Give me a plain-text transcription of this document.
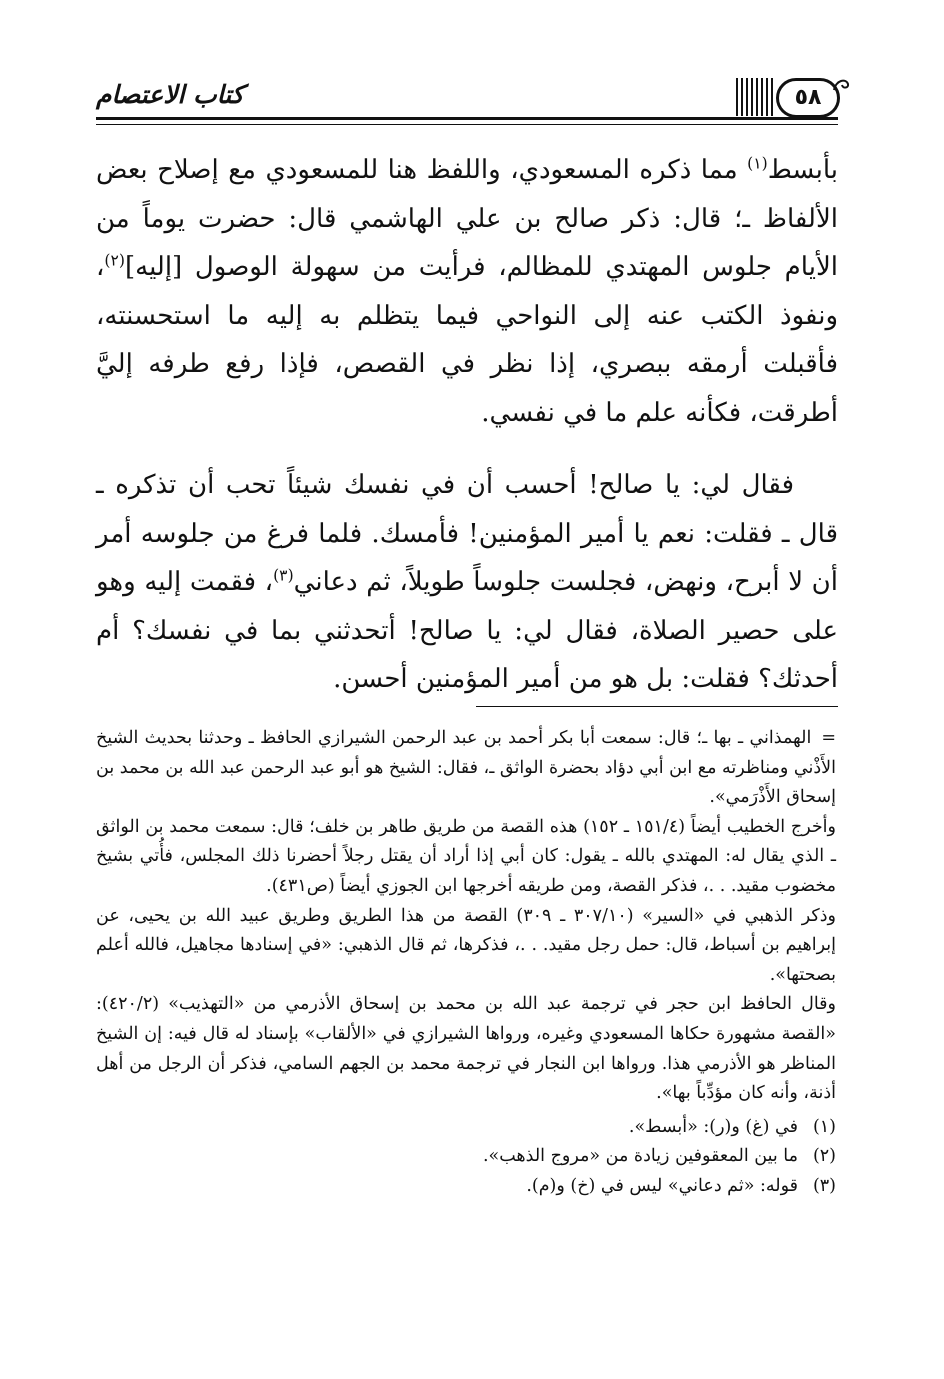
كتاب الاعتصام	٥٨

بأبسط$^{(١)}$ مما ذكره المسعودي، واللفظ هنا للمسعودي مع إصلاح بعض الألفاظ ـ؛ قال: ذكر صالح بن علي الهاشمي قال: حضرت يوماً من الأيام جلوس المهتدي للمظالم، فرأيت من سهولة الوصول [إليه]$^{(٢)}$، ونفوذ الكتب عنه إلى النواحي فيما يتظلم به إليه ما استحسنته، فأقبلت أرمقه ببصري، إذا نظر في القصص، فإذا رفع طرفه إليَّ أطرقت، فكأنه علم ما في نفسي.

فقال لي: يا صالح! أحسب أن في نفسك شيئاً تحب أن تذكره ـ قال ـ فقلت: نعم يا أمير المؤمنين! فأمسك. فلما فرغ من جلوسه أمر أن لا أبرح، ونهض، فجلست جلوساً طويلاً، ثم دعاني$^{(٣)}$، فقمت إليه وهو على حصير الصلاة، فقال لي: يا صالح! أتحدثني بما في نفسك؟ أم أحدثك؟ فقلت: بل هو من أمير المؤمنين أحسن.

=الهمذاني ـ بها ـ؛ قال: سمعت أبا بكر أحمد بن عبد الرحمن الشيرازي الحافظ ـ وحدثنا بحديث الشيخ الأَذْني ومناظرته مع ابن أبي دؤاد بحضرة الواثق ـ، فقال: الشيخ هو أبو عبد الرحمن عبد الله بن محمد بن إسحاق الأَذْرَمي».

وأخرج الخطيب أيضاً (١٥١/٤ ـ ١٥٢) هذه القصة من طريق طاهر بن خلف؛ قال: سمعت محمد بن الواثق ـ الذي يقال له: المهتدي بالله ـ يقول: كان أبي إذا أراد أن يقتل رجلاً أحضرنا ذلك المجلس، فأُتي بشيخ مخضوب مقيد. . .، فذكر القصة، ومن طريقه أخرجها ابن الجوزي أيضاً (ص٤٣١).

وذكر الذهبي في «السير» (٣٠٧/١٠ ـ ٣٠٩) القصة من هذا الطريق وطريق عبيد الله بن يحيى، عن إبراهيم بن أسباط، قال: حمل رجل مقيد. . .، فذكرها، ثم قال الذهبي: «في إسنادها مجاهيل، فالله أعلم بصحتها».

وقال الحافظ ابن حجر في ترجمة عبد الله بن محمد بن إسحاق الأذرمي من «التهذيب» (٤٢٠/٢): «القصة مشهورة حكاها المسعودي وغيره، ورواها الشيرازي في «الألقاب» بإسناد له قال فيه: إن الشيخ المناظر هو الأذرمي هذا. ورواها ابن النجار في ترجمة محمد بن الجهم السامي، فذكر أن الرجل من أهل أذنة، وأنه كان مؤدِّباً بها».

(١)في (غ) و(ر): «أبسط».
(٢)ما بين المعقوفين زيادة من «مروج الذهب».
(٣)قوله: «ثم دعاني» ليس في (خ) و(م).
